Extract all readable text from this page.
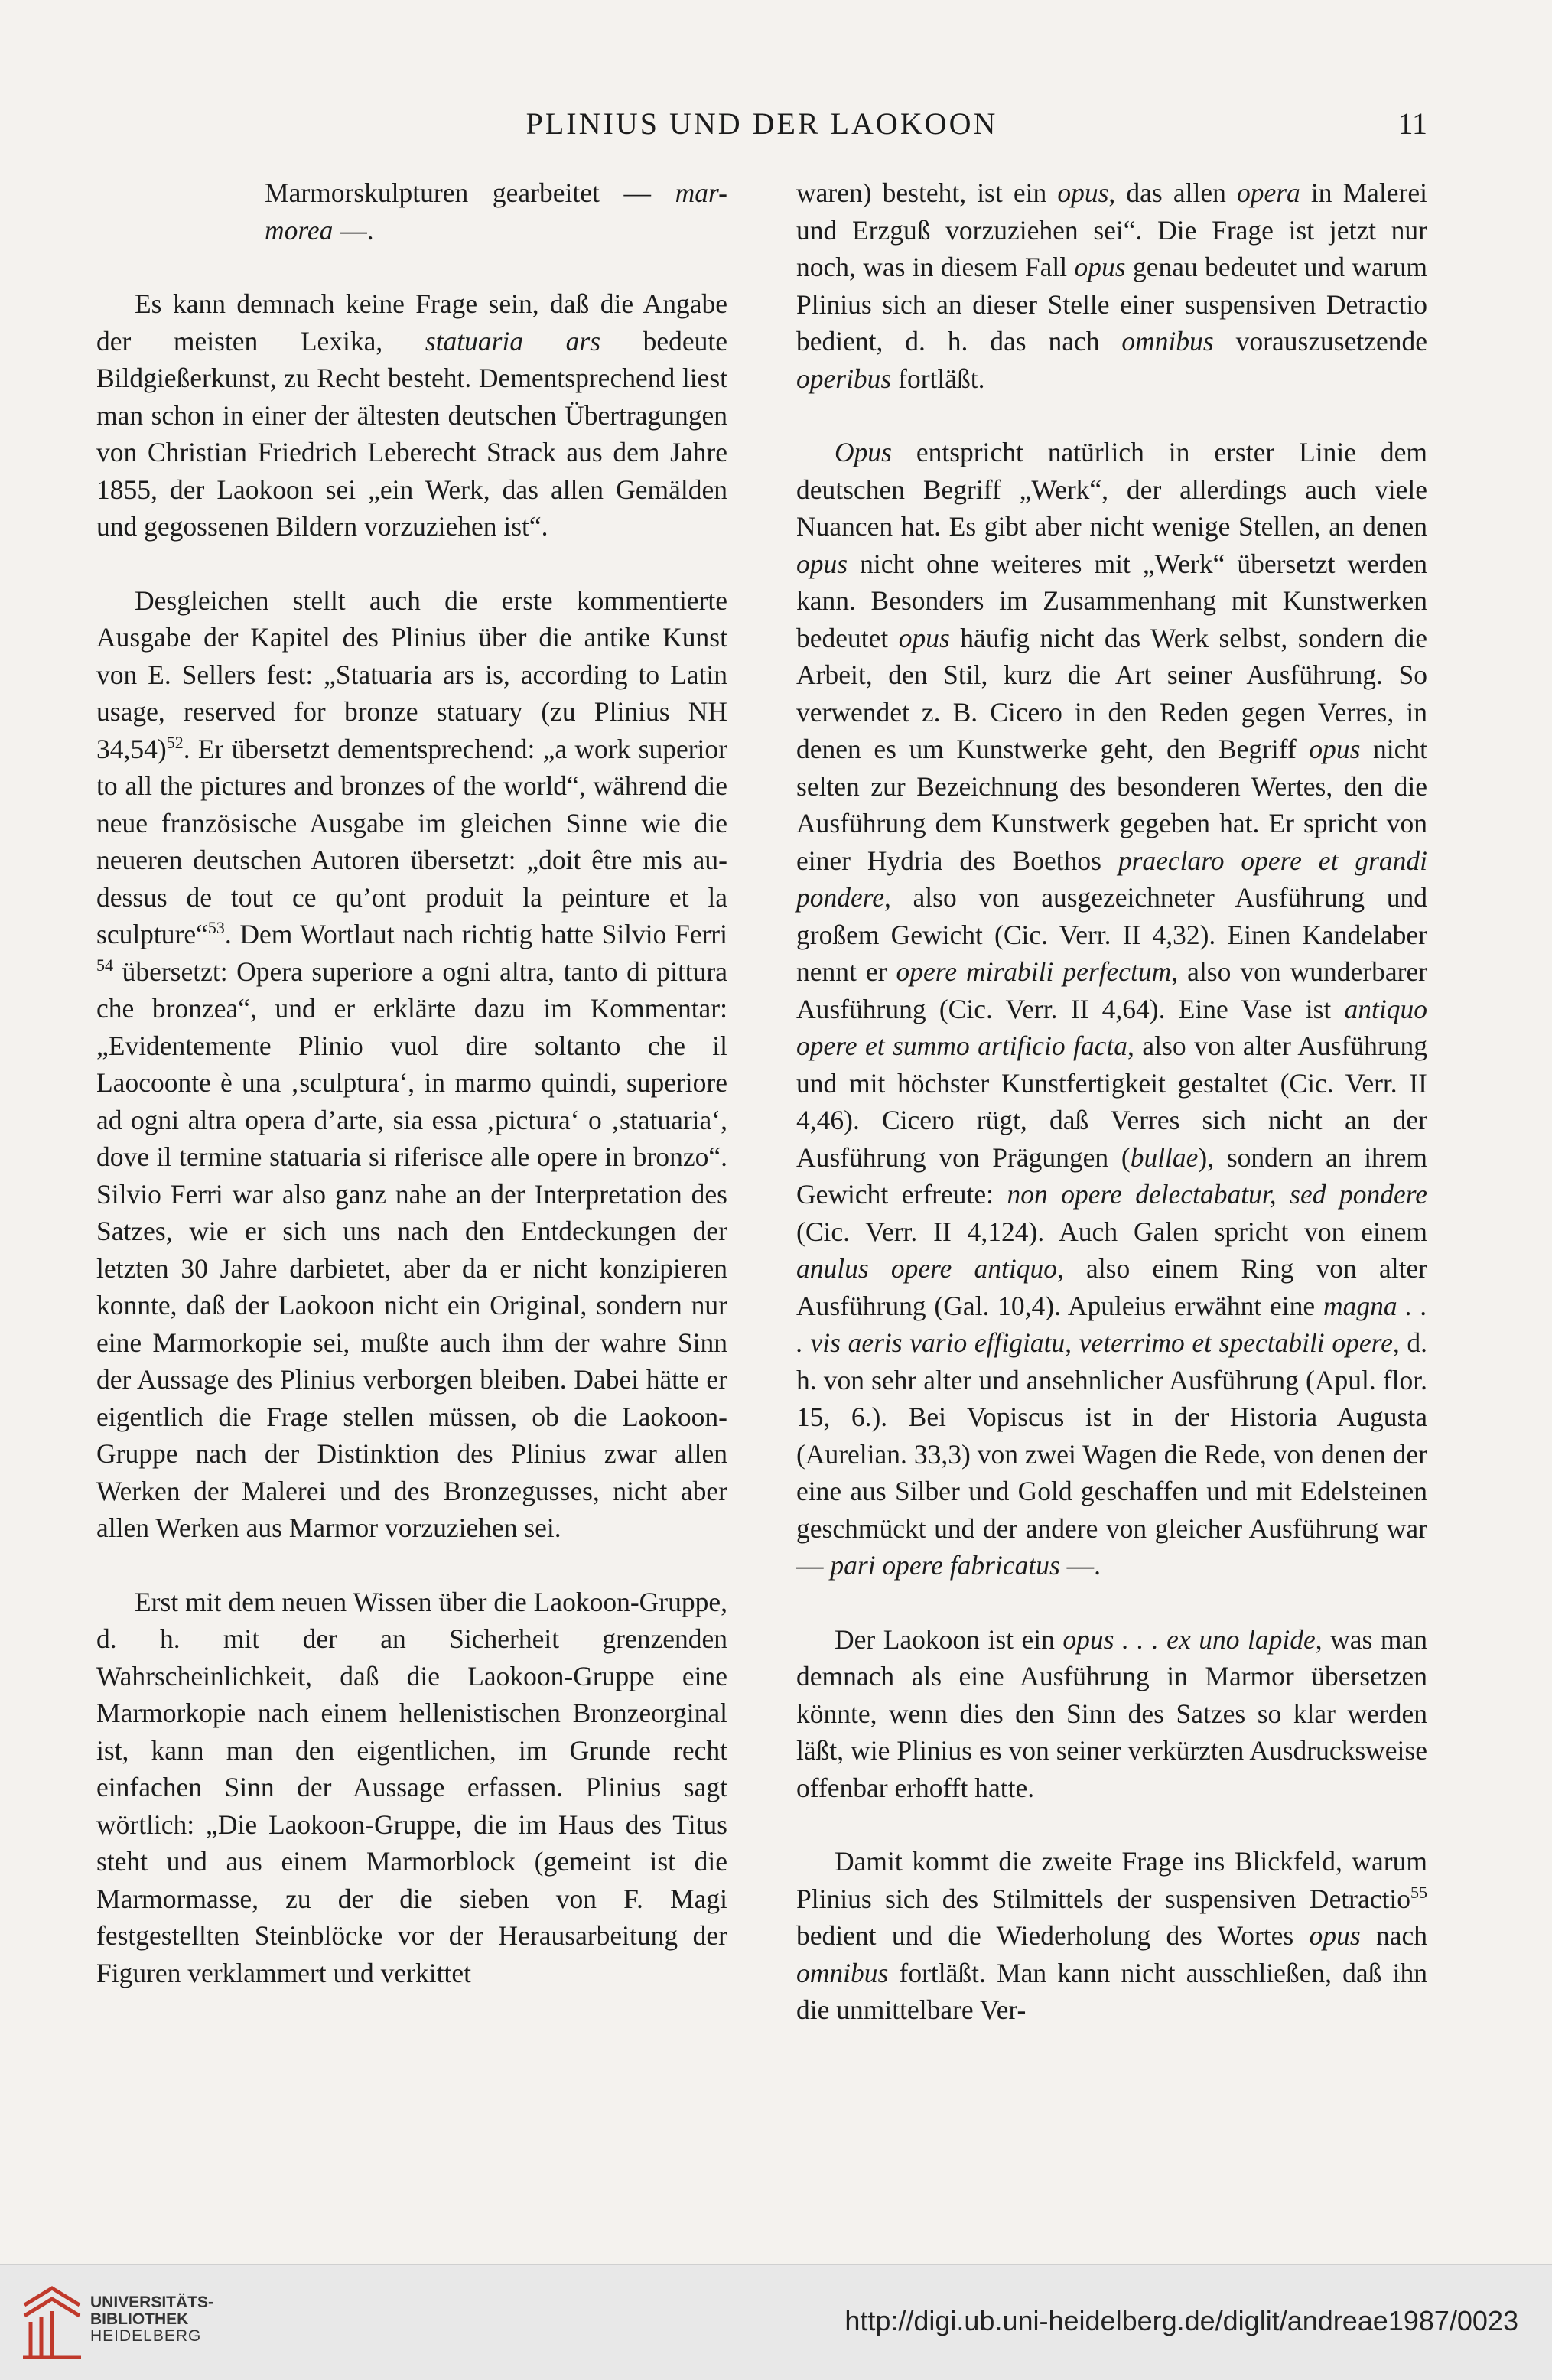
PLINIUS UND DER LAOKOON	11

Marmorskulpturen gearbeitet — mar-morea —.

Es kann demnach keine Frage sein, daß die Angabe der meisten Lexika, statuaria ars bedeute Bildgießerkunst, zu Recht besteht. Dementsprechend liest man schon in einer der ältesten deutschen Übertragungen von Christian Friedrich Leberecht Strack aus dem Jahre 1855, der Laokoon sei „ein Werk, das allen Gemälden und gegossenen Bildern vorzuziehen ist“.

Desgleichen stellt auch die erste kommentierte Ausgabe der Kapitel des Plinius über die antike Kunst von E. Sellers fest: „Statuaria ars is, according to Latin usage, reserved for bronze statuary (zu Plinius NH 34,54)$^{52}$. Er übersetzt dementsprechend: „a work superior to all the pictures and bronzes of the world“, während die neue französische Ausgabe im gleichen Sinne wie die neueren deutschen Autoren übersetzt: „doit être mis au-dessus de tout ce qu’ont produit la peinture et la sculpture“$^{53}$. Dem Wortlaut nach richtig hatte Silvio Ferri $^{54}$ übersetzt: Opera superiore a ogni altra, tanto di pittura che bronzea“, und er erklärte dazu im Kommentar: „Evidentemente Plinio vuol dire soltanto che il Laocoonte è una ‚sculptura‘, in marmo quindi, superiore ad ogni altra opera d’arte, sia essa ‚pictura‘ o ‚statuaria‘, dove il termine statuaria si riferisce alle opere in bronzo“. Silvio Ferri war also ganz nahe an der Interpretation des Satzes, wie er sich uns nach den Entdeckungen der letzten 30 Jahre darbietet, aber da er nicht konzipieren konnte, daß der Laokoon nicht ein Original, sondern nur eine Marmorkopie sei, mußte auch ihm der wahre Sinn der Aussage des Plinius verborgen bleiben. Dabei hätte er eigentlich die Frage stellen müssen, ob die Laokoon-Gruppe nach der Distinktion des Plinius zwar allen Werken der Malerei und des Bronzegusses, nicht aber allen Werken aus Marmor vorzuziehen sei.

Erst mit dem neuen Wissen über die Laokoon-Gruppe, d. h. mit der an Sicherheit grenzenden Wahrscheinlichkeit, daß die Laokoon-Gruppe eine Marmorkopie nach einem hellenistischen Bronzeorginal ist, kann man den eigentlichen, im Grunde recht einfachen Sinn der Aussage erfassen. Plinius sagt wörtlich: „Die Laokoon-Gruppe, die im Haus des Titus steht und aus einem Marmorblock (gemeint ist die Marmormasse, zu der die sieben von F. Magi festgestellten Steinblöcke vor der Herausarbeitung der Figuren verklammert und verkittet

waren) besteht, ist ein opus, das allen opera in Malerei und Erzguß vorzuziehen sei“. Die Frage ist jetzt nur noch, was in diesem Fall opus genau bedeutet und warum Plinius sich an dieser Stelle einer suspensiven Detractio bedient, d. h. das nach omnibus vorauszusetzende operibus fortläßt.

Opus entspricht natürlich in erster Linie dem deutschen Begriff „Werk“, der allerdings auch viele Nuancen hat. Es gibt aber nicht wenige Stellen, an denen opus nicht ohne weiteres mit „Werk“ übersetzt werden kann. Besonders im Zusammenhang mit Kunstwerken bedeutet opus häufig nicht das Werk selbst, sondern die Arbeit, den Stil, kurz die Art seiner Ausführung. So verwendet z. B. Cicero in den Reden gegen Verres, in denen es um Kunstwerke geht, den Begriff opus nicht selten zur Bezeichnung des besonderen Wertes, den die Ausführung dem Kunstwerk gegeben hat. Er spricht von einer Hydria des Boethos praeclaro opere et grandi pondere, also von ausgezeichneter Ausführung und großem Gewicht (Cic. Verr. II 4,32). Einen Kandelaber nennt er opere mirabili perfectum, also von wunderbarer Ausführung (Cic. Verr. II 4,64). Eine Vase ist antiquo opere et summo artificio facta, also von alter Ausführung und mit höchster Kunstfertigkeit gestaltet (Cic. Verr. II 4,46). Cicero rügt, daß Verres sich nicht an der Ausführung von Prägungen (bullae), sondern an ihrem Gewicht erfreute: non opere delectabatur, sed pondere (Cic. Verr. II 4,124). Auch Galen spricht von einem anulus opere antiquo, also einem Ring von alter Ausführung (Gal. 10,4). Apuleius erwähnt eine magna . . . vis aeris vario effigiatu, veterrimo et spectabili opere, d. h. von sehr alter und ansehnlicher Ausführung (Apul. flor. 15, 6.). Bei Vopiscus ist in der Historia Augusta (Aurelian. 33,3) von zwei Wagen die Rede, von denen der eine aus Silber und Gold geschaffen und mit Edelsteinen geschmückt und der andere von gleicher Ausführung war — pari opere fabricatus —.

Der Laokoon ist ein opus . . . ex uno lapide, was man demnach als eine Ausführung in Marmor übersetzen könnte, wenn dies den Sinn des Satzes so klar werden läßt, wie Plinius es von seiner verkürzten Ausdrucksweise offenbar erhofft hatte.

Damit kommt die zweite Frage ins Blickfeld, warum Plinius sich des Stilmittels der suspensiven Detractio$^{55}$ bedient und die Wiederholung des Wortes opus nach omnibus fortläßt. Man kann nicht ausschließen, daß ihn die unmittelbare Ver-

UNIVERSITÄTS-
BIBLIOTHEK
HEIDELBERG	http://digi.ub.uni-heidelberg.de/diglit/andreae1987/0023
